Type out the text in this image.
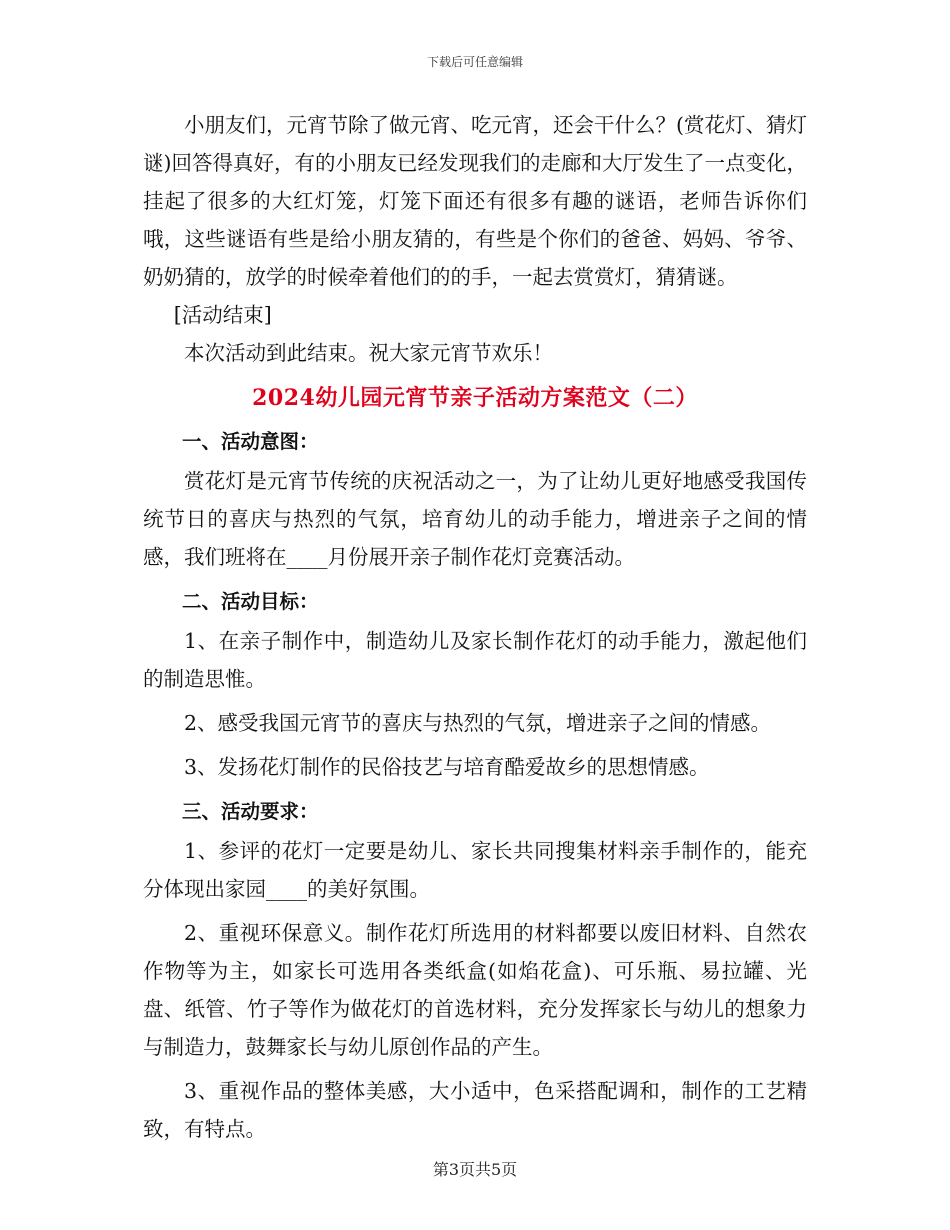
下载后可任意编辑

小朋友们，元宵节除了做元宵、吃元宵，还会干什么？(赏花灯、猜灯谜)回答得真好，有的小朋友已经发现我们的走廊和大厅发生了一点变化，挂起了很多的大红灯笼，灯笼下面还有很多有趣的谜语，老师告诉你们哦，这些谜语有些是给小朋友猜的，有些是个你们的爸爸、妈妈、爷爷、奶奶猜的，放学的时候牵着他们的的手，一起去赏赏灯，猜猜谜。

[活动结束]

本次活动到此结束。祝大家元宵节欢乐！

2024幼儿园元宵节亲子活动方案范文（二）
一、活动意图：

赏花灯是元宵节传统的庆祝活动之一，为了让幼儿更好地感受我国传统节日的喜庆与热烈的气氛，培育幼儿的动手能力，增进亲子之间的情感，我们班将在____月份展开亲子制作花灯竞赛活动。

二、活动目标：

1、在亲子制作中，制造幼儿及家长制作花灯的动手能力，激起他们的制造思惟。

2、感受我国元宵节的喜庆与热烈的气氛，增进亲子之间的情感。

3、发扬花灯制作的民俗技艺与培育酷爱故乡的思想情感。

三、活动要求：

1、参评的花灯一定要是幼儿、家长共同搜集材料亲手制作的，能充分体现出家园____的美好氛围。

2、重视环保意义。制作花灯所选用的材料都要以废旧材料、自然农作物等为主，如家长可选用各类纸盒(如焰花盒)、可乐瓶、易拉罐、光盘、纸管、竹子等作为做花灯的首选材料，充分发挥家长与幼儿的想象力与制造力，鼓舞家长与幼儿原创作品的产生。

3、重视作品的整体美感，大小适中，色采搭配调和，制作的工艺精致，有特点。

第3页共5页
